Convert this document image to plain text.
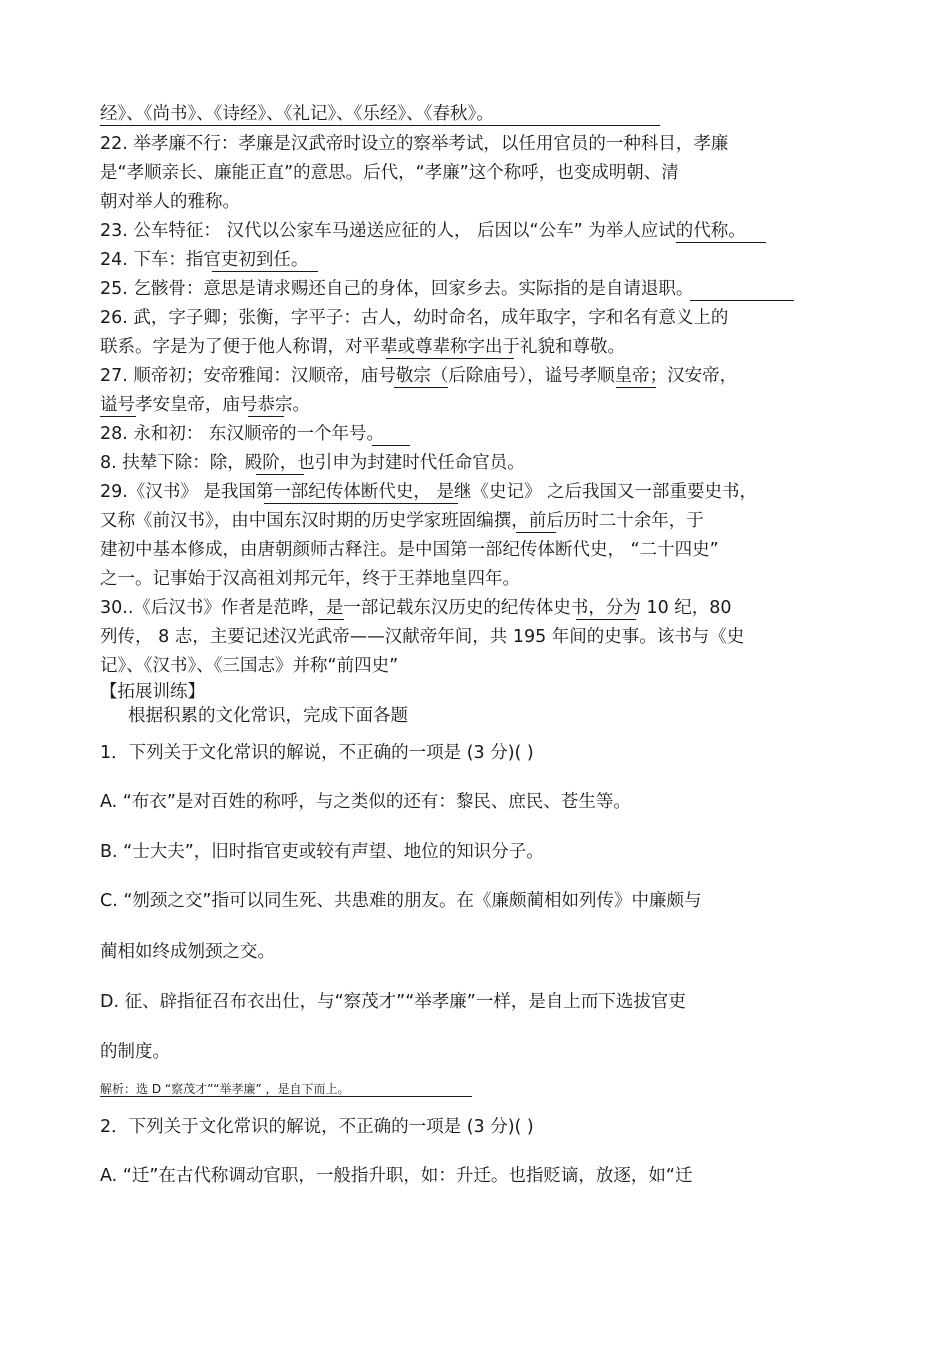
经》、《尚书》、《诗经》、《礼记》、《乐经》、《春秋》。

22. 举孝廉不行：孝廉是汉武帝时设立的察举考试，以任用官员的一种科目，孝廉

是“孝顺亲长、廉能正直”的意思。后代，“孝廉”这个称呼，也变成明朝、清

朝对举人的雅称。

23. 公车特征： 汉代以公家车马递送应征的人， 后因以“公车” 为举人应试的代称。

24. 下车：指官吏初到任。

25. 乞骸骨：意思是请求赐还自己的身体，回家乡去。实际指的是自请退职。

26. 武，字子卿；张衡，字平子：古人，幼时命名，成年取字，字和名有意义上的

联系。字是为了便于他人称谓，对平辈或尊辈称字出于礼貌和尊敬。

27. 顺帝初；安帝雅闻：汉顺帝，庙号敬宗（后除庙号），谥号孝顺皇帝；汉安帝，

谥号孝安皇帝，庙号恭宗。

28. 永和初： 东汉顺帝的一个年号。

8. 扶辇下除：除，殿阶，也引申为封建时代任命官员。

29.《汉书》 是我国第一部纪传体断代史， 是继《史记》 之后我国又一部重要史书，

又称《前汉书》，由中国东汉时期的历史学家班固编撰，前后历时二十余年，于

建初中基本修成，由唐朝颜师古释注。是中国第一部纪传体断代史， “二十四史”

之一。记事始于汉高祖刘邦元年，终于王莽地皇四年。

30..《后汉书》作者是范晔，是一部记载东汉历史的纪传体史书，分为 10 纪，80

列传， 8 志，主要记述汉光武帝——汉献帝年间，共 195 年间的史事。该书与《史

记》、《汉书》、《三国志》并称“前四史”

【拓展训练】

根据积累的文化常识，完成下面各题

1．下列关于文化常识的解说，不正确的一项是 (3 分)( )

A. “布衣”是对百姓的称呼，与之类似的还有：黎民、庶民、苍生等。

B. “士大夫”，旧时指官吏或较有声望、地位的知识分子。

C. “刎颈之交”指可以同生死、共患难的朋友。在《廉颇蔺相如列传》中廉颇与

蔺相如终成刎颈之交。

D. 征、辟指征召布衣出仕，与“察茂才”“举孝廉”一样，是自上而下选拔官吏

的制度。

解析：选 D “察茂才”“举孝廉” ，是自下而上。

2．下列关于文化常识的解说，不正确的一项是 (3 分)( )

A. “迁”在古代称调动官职，一般指升职，如：升迁。也指贬谪，放逐，如“迁
